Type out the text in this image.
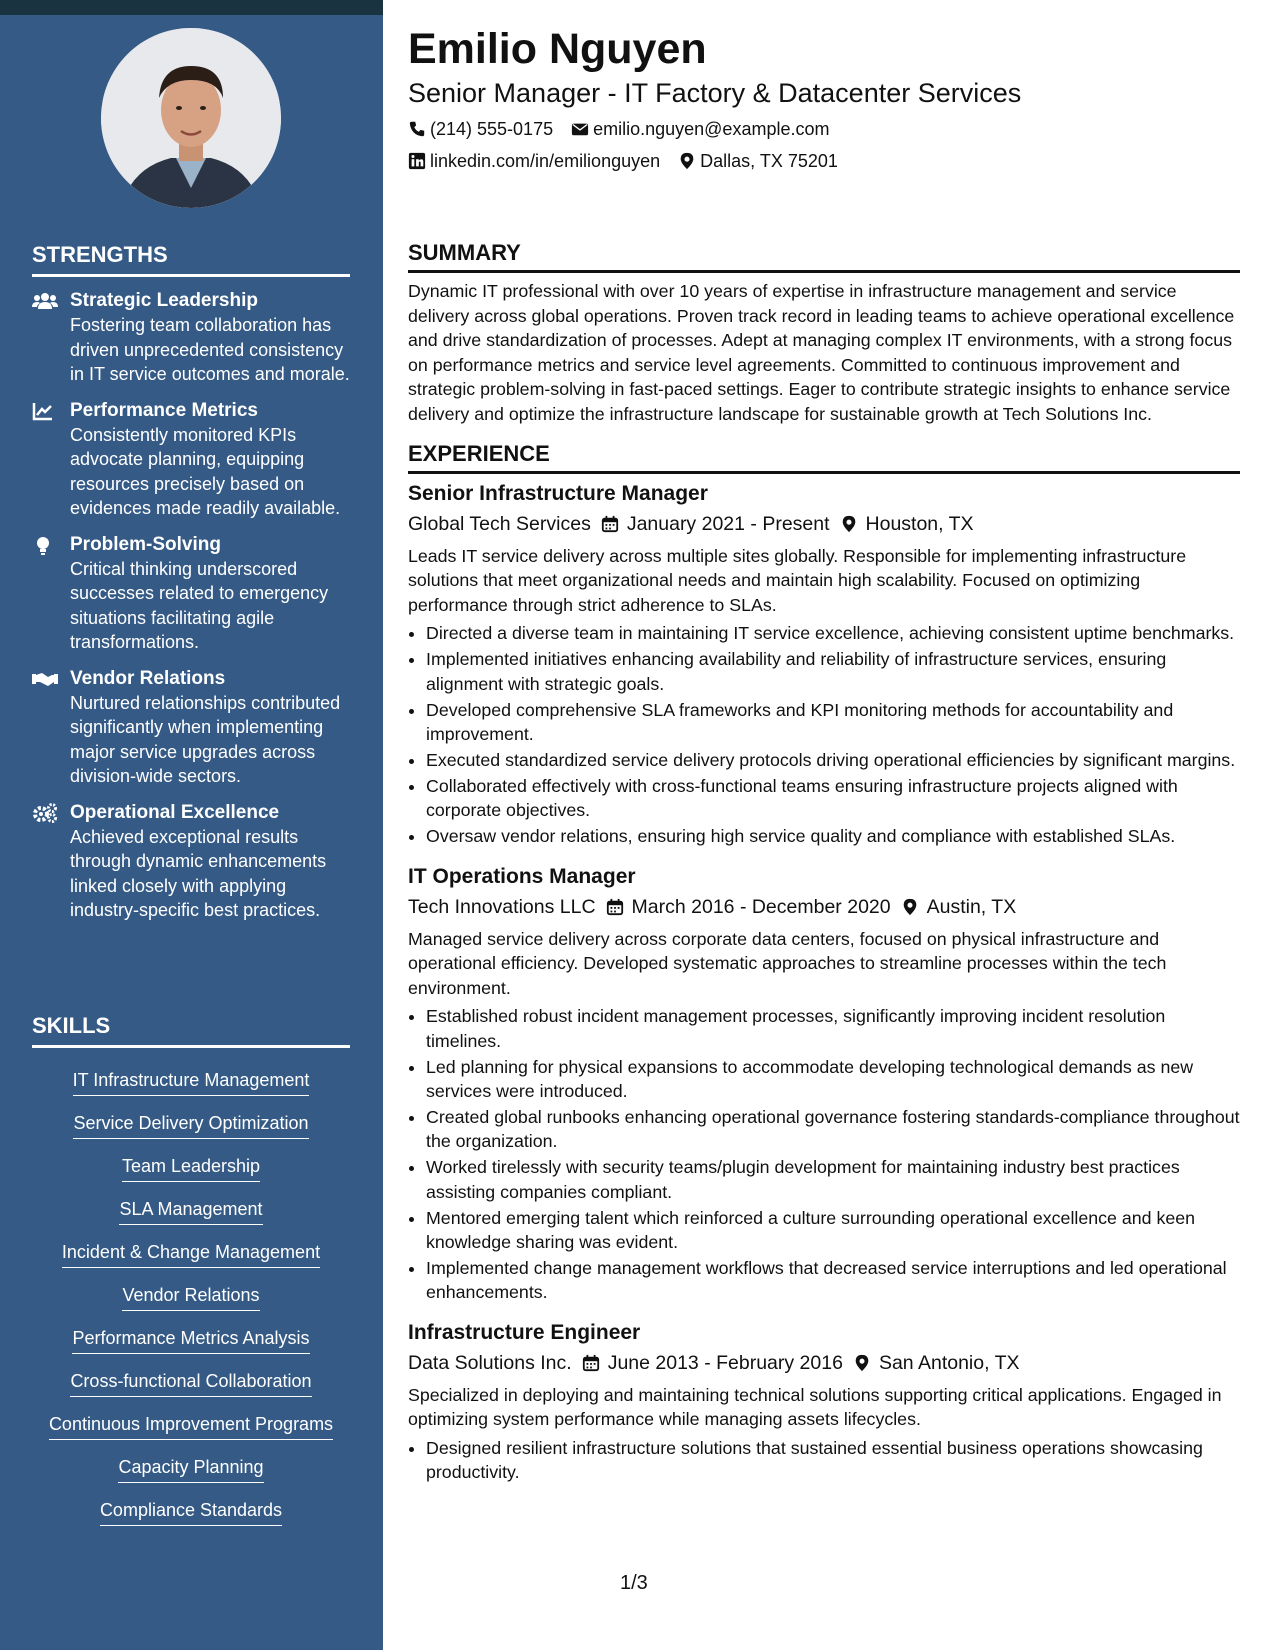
STRENGTHS
Strategic Leadership
Fostering team collaboration has driven unprecedented consistency in IT service outcomes and morale.
Performance Metrics
Consistently monitored KPIs advocate planning, equipping resources precisely based on evidences made readily available.
Problem-Solving
Critical thinking underscored successes related to emergency situations facilitating agile transformations.
Vendor Relations
Nurtured relationships contributed significantly when implementing major service upgrades across division-wide sectors.
Operational Excellence
Achieved exceptional results through dynamic enhancements linked closely with applying industry-specific best practices.
SKILLS
IT Infrastructure Management
Service Delivery Optimization
Team Leadership
SLA Management
Incident & Change Management
Vendor Relations
Performance Metrics Analysis
Cross-functional Collaboration
Continuous Improvement Programs
Capacity Planning
Compliance Standards
Emilio Nguyen
Senior Manager - IT Factory & Datacenter Services
(214) 555-0175 emilio.nguyen@example.com
linkedin.com/in/emilionguyen Dallas, TX 75201
SUMMARY

Dynamic IT professional with over 10 years of expertise in infrastructure management and service delivery across global operations. Proven track record in leading teams to achieve operational excellence and drive standardization of processes. Adept at managing complex IT environments, with a strong focus on performance metrics and service level agreements. Committed to continuous improvement and strategic problem-solving in fast-paced settings. Eager to contribute strategic insights to enhance service delivery and optimize the infrastructure landscape for sustainable growth at Tech Solutions Inc.

EXPERIENCE
Senior Infrastructure Manager
Global Tech Services January 2021 - Present Houston, TX

Leads IT service delivery across multiple sites globally. Responsible for implementing infrastructure solutions that meet organizational needs and maintain high scalability. Focused on optimizing performance through strict adherence to SLAs.

• Directed a diverse team in maintaining IT service excellence, achieving consistent uptime benchmarks.
• Implemented initiatives enhancing availability and reliability of infrastructure services, ensuring alignment with strategic goals.
• Developed comprehensive SLA frameworks and KPI monitoring methods for accountability and improvement.
• Executed standardized service delivery protocols driving operational efficiencies by significant margins.
• Collaborated effectively with cross-functional teams ensuring infrastructure projects aligned with corporate objectives.
• Oversaw vendor relations, ensuring high service quality and compliance with established SLAs.
IT Operations Manager
Tech Innovations LLC March 2016 - December 2020 Austin, TX

Managed service delivery across corporate data centers, focused on physical infrastructure and operational efficiency. Developed systematic approaches to streamline processes within the tech environment.

• Established robust incident management processes, significantly improving incident resolution timelines.
• Led planning for physical expansions to accommodate developing technological demands as new services were introduced.
• Created global runbooks enhancing operational governance fostering standards-compliance throughout the organization.
• Worked tirelessly with security teams/plugin development for maintaining industry best practices assisting companies compliant.
• Mentored emerging talent which reinforced a culture surrounding operational excellence and keen knowledge sharing was evident.
• Implemented change management workflows that decreased service interruptions and led operational enhancements.
Infrastructure Engineer
Data Solutions Inc. June 2013 - February 2016 San Antonio, TX

Specialized in deploying and maintaining technical solutions supporting critical applications. Engaged in optimizing system performance while managing assets lifecycles.

• Designed resilient infrastructure solutions that sustained essential business operations showcasing productivity.
1/3
